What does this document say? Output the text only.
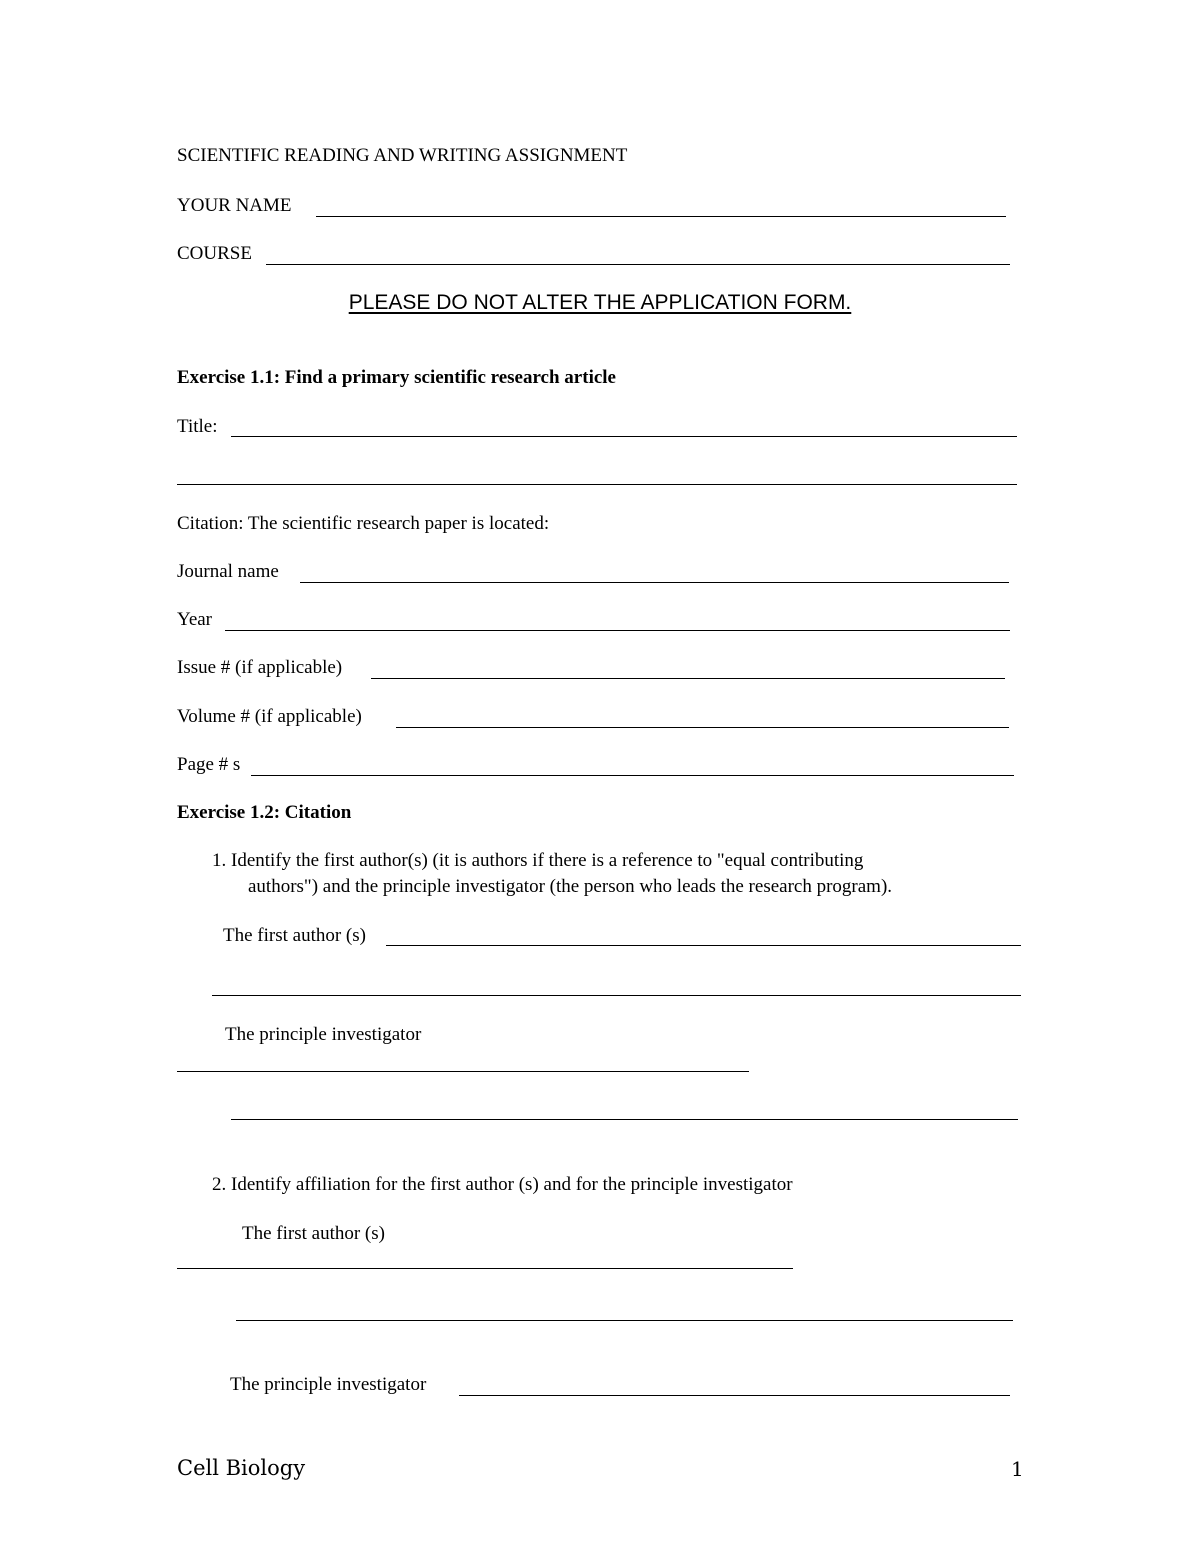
SCIENTIFIC READING AND WRITING ASSIGNMENT
YOUR NAME
COURSE
PLEASE DO NOT ALTER THE APPLICATION FORM.
Exercise 1.1: Find a primary scientific research article
Title:
Citation: The scientific research paper is located:
Journal name
Year
Issue # (if applicable)
Volume # (if applicable)
Page # s
Exercise 1.2: Citation
1. Identify the first author(s) (it is authors if there is a reference to "equal contributing
authors") and the principle investigator (the person who leads the research program).
The first author (s)
The principle investigator
2. Identify affiliation for the first author (s) and for the principle investigator
The first author (s)
The principle investigator
Cell Biology	1
